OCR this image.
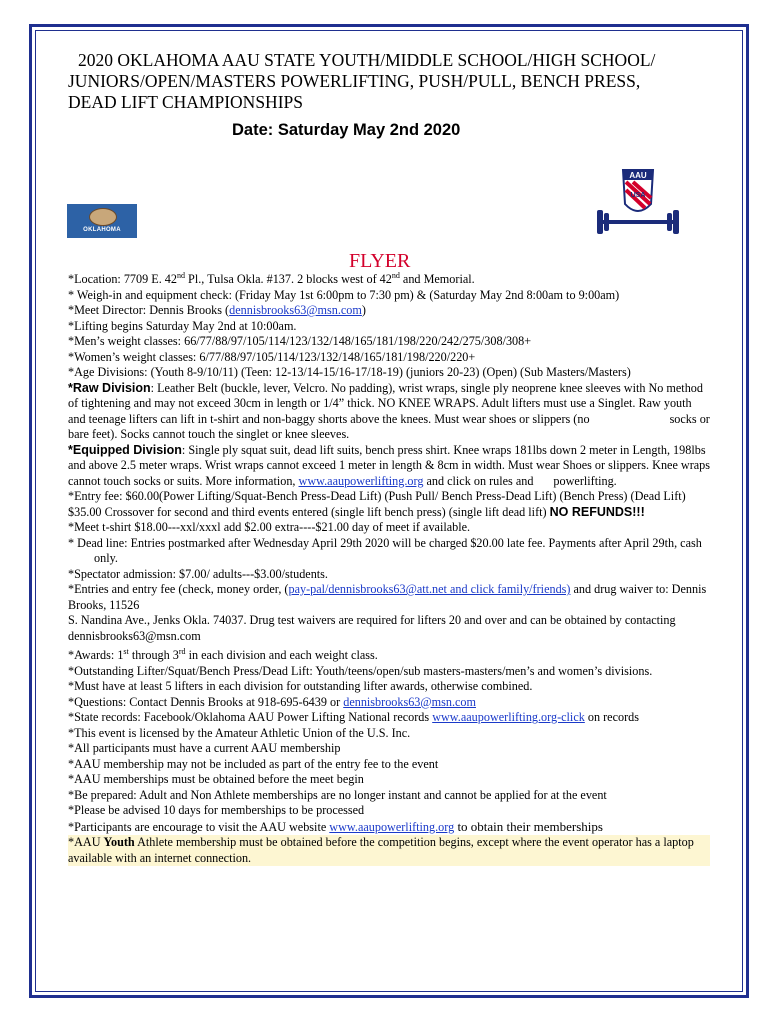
2020 OKLAHOMA AAU STATE YOUTH/MIDDLE SCHOOL/HIGH SCHOOL/
JUNIORS/OPEN/MASTERS POWERLIFTING, PUSH/PULL, BENCH PRESS,
DEAD LIFT CHAMPIONSHIPS
Date: Saturday May 2nd 2020
OKLAHOMA
AAU
USA
FLYER

*Location: 7709 E. 42nd Pl., Tulsa Okla. #137. 2 blocks west of 42nd and Memorial.

* Weigh-in and equipment check: (Friday May 1st 6:00pm to 7:30 pm) & (Saturday May 2nd 8:00am to 9:00am)

*Meet Director: Dennis Brooks (dennisbrooks63@msn.com)

*Lifting begins Saturday May 2nd at 10:00am.

*Men’s weight classes: 66/77/88/97/105/114/123/132/148/165/181/198/220/242/275/308/308+

*Women’s weight classes: 6/77/88/97/105/114/123/132/148/165/181/198/220/220+

*Age Divisions: (Youth 8-9/10/11) (Teen: 12-13/14-15/16-17/18-19) (juniors 20-23) (Open) (Sub Masters/Masters)

*Raw Division: Leather Belt (buckle, lever, Velcro. No padding), wrist wraps, single ply neoprene knee sleeves with No method of tightening and may not exceed 30cm in length or 1/4” thick. NO KNEE WRAPS. Adult lifters must use a Singlet. Raw youth and teenage lifters can lift in t-shirt and non-baggy shorts above the knees. Must wear shoes or slippers (no	socks or bare feet). Socks cannot touch the singlet or knee sleeves.

*Equipped Division: Single ply squat suit, dead lift suits, bench press shirt. Knee wraps 181lbs down 2 meter in Length, 198lbs and above 2.5 meter wraps. Wrist wraps cannot exceed 1 meter in length & 8cm in width. Must wear Shoes or slippers. Knee wraps cannot touch socks or suits. More information, www.aaupowerlifting.org and click on rules and powerlifting.

*Entry fee: $60.00(Power Lifting/Squat-Bench Press-Dead Lift) (Push Pull/ Bench Press-Dead Lift) (Bench Press) (Dead Lift)

$35.00 Crossover for second and third events entered (single lift bench press) (single lift dead lift) NO REFUNDS!!!

*Meet t-shirt $18.00---xxl/xxxl add $2.00 extra----$21.00 day of meet if available.

* Dead line: Entries postmarked after Wednesday April 29th 2020 will be charged $20.00 late fee. Payments after April 29th, cashonly.

*Spectator admission: $7.00/ adults---$3.00/students.

*Entries and entry fee (check, money order, (pay-pal/dennisbrooks63@att.net and click family/friends) and drug waiver to: Dennis Brooks, 11526

S. Nandina Ave., Jenks Okla. 74037. Drug test waivers are required for lifters 20 and over and can be obtained by contacting dennisbrooks63@msn.com

*Awards: 1st through 3rd in each division and each weight class.

*Outstanding Lifter/Squat/Bench Press/Dead Lift: Youth/teens/open/sub masters-masters/men’s and women’s divisions.

*Must have at least 5 lifters in each division for outstanding lifter awards, otherwise combined.

*Questions: Contact Dennis Brooks at 918-695-6439 or dennisbrooks63@msn.com

*State records: Facebook/Oklahoma AAU Power Lifting National records www.aaupowerlifting.org-click on records

*This event is licensed by the Amateur Athletic Union of the U.S. Inc.

*All participants must have a current AAU membership

*AAU membership may not be included as part of the entry fee to the event

*AAU memberships must be obtained before the meet begin

*Be prepared: Adult and Non Athlete memberships are no longer instant and cannot be applied for at the event

*Please be advised 10 days for memberships to be processed

*Participants are encourage to visit the AAU website www.aaupowerlifting.org to obtain their memberships

*AAU Youth Athlete membership must be obtained before the competition begins, except where the event operator has a laptop available with an internet connection.
